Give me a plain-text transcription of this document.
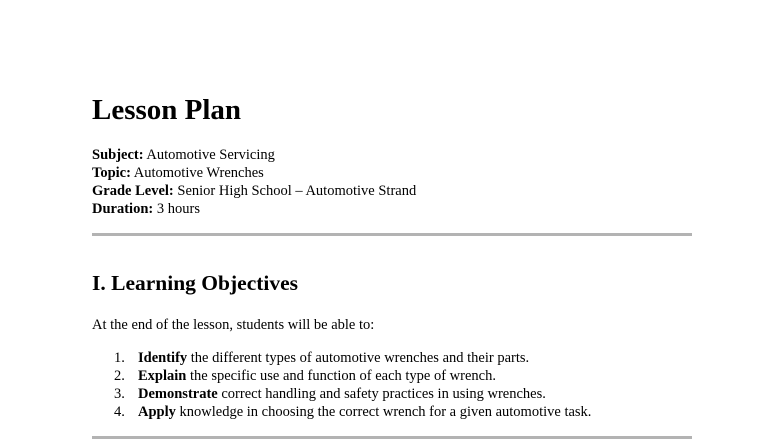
Lesson Plan
Subject: Automotive Servicing
Topic: Automotive Wrenches
Grade Level: Senior High School – Automotive Strand
Duration: 3 hours
I. Learning Objectives

At the end of the lesson, students will be able to:

1. Identify the different types of automotive wrenches and their parts.
2. Explain the specific use and function of each type of wrench.
3. Demonstrate correct handling and safety practices in using wrenches.
4. Apply knowledge in choosing the correct wrench for a given automotive task.
